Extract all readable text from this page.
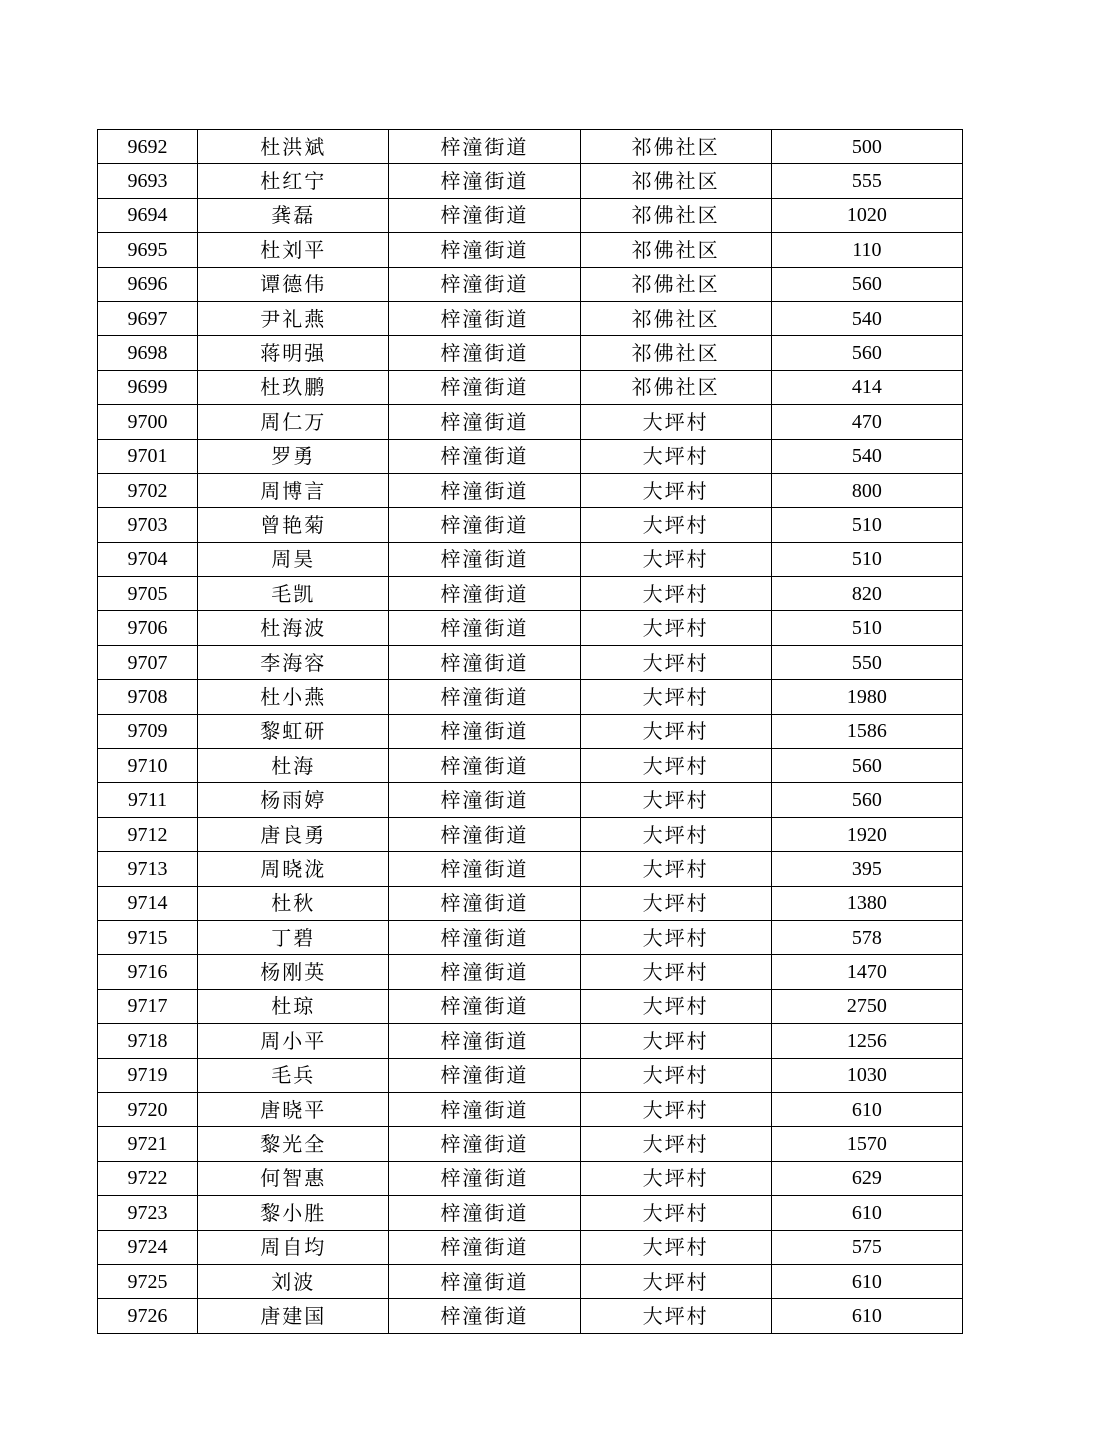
9692	杜洪斌	梓潼街道	祁佛社区	500
9693	杜红宁	梓潼街道	祁佛社区	555
9694	龚磊	梓潼街道	祁佛社区	1020
9695	杜刘平	梓潼街道	祁佛社区	110
9696	谭德伟	梓潼街道	祁佛社区	560
9697	尹礼燕	梓潼街道	祁佛社区	540
9698	蒋明强	梓潼街道	祁佛社区	560
9699	杜玖鹏	梓潼街道	祁佛社区	414
9700	周仁万	梓潼街道	大坪村	470
9701	罗勇	梓潼街道	大坪村	540
9702	周博言	梓潼街道	大坪村	800
9703	曾艳菊	梓潼街道	大坪村	510
9704	周昊	梓潼街道	大坪村	510
9705	毛凯	梓潼街道	大坪村	820
9706	杜海波	梓潼街道	大坪村	510
9707	李海容	梓潼街道	大坪村	550
9708	杜小燕	梓潼街道	大坪村	1980
9709	黎虹研	梓潼街道	大坪村	1586
9710	杜海	梓潼街道	大坪村	560
9711	杨雨婷	梓潼街道	大坪村	560
9712	唐良勇	梓潼街道	大坪村	1920
9713	周晓泷	梓潼街道	大坪村	395
9714	杜秋	梓潼街道	大坪村	1380
9715	丁碧	梓潼街道	大坪村	578
9716	杨刚英	梓潼街道	大坪村	1470
9717	杜琼	梓潼街道	大坪村	2750
9718	周小平	梓潼街道	大坪村	1256
9719	毛兵	梓潼街道	大坪村	1030
9720	唐晓平	梓潼街道	大坪村	610
9721	黎光全	梓潼街道	大坪村	1570
9722	何智惠	梓潼街道	大坪村	629
9723	黎小胜	梓潼街道	大坪村	610
9724	周自均	梓潼街道	大坪村	575
9725	刘波	梓潼街道	大坪村	610
9726	唐建国	梓潼街道	大坪村	610
